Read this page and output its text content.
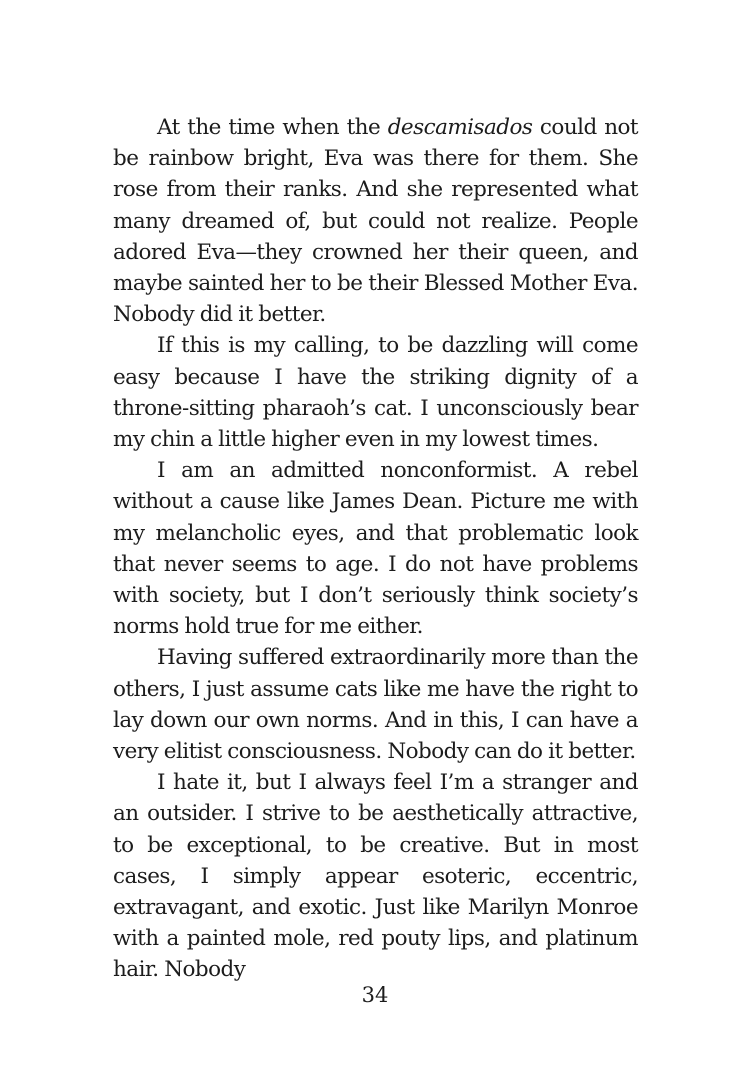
At the time when the descamisados could not be rainbow bright, Eva was there for them. She rose from their ranks. And she represented what many dreamed of, but could not realize. People adored Eva—they crowned her their queen, and maybe sainted her to be their Blessed Mother Eva. Nobody did it better.

If this is my calling, to be dazzling will come easy because I have the striking dignity of a throne-sitting pharaoh’s cat. I unconsciously bear my chin a little higher even in my lowest times.

I am an admitted nonconformist. A rebel without a cause like James Dean. Picture me with my melancholic eyes, and that problematic look that never seems to age. I do not have problems with society, but I don’t seriously think society’s norms hold true for me either.

Having suffered extraordinarily more than the others, I just assume cats like me have the right to lay down our own norms. And in this, I can have a very elitist consciousness. Nobody can do it better.

I hate it, but I always feel I’m a stranger and an outsider. I strive to be aesthetically attractive, to be exceptional, to be creative. But in most cases, I simply appear esoteric, eccentric, extravagant, and exotic. Just like Marilyn Monroe with a painted mole, red pouty lips, and platinum hair. Nobody

34
